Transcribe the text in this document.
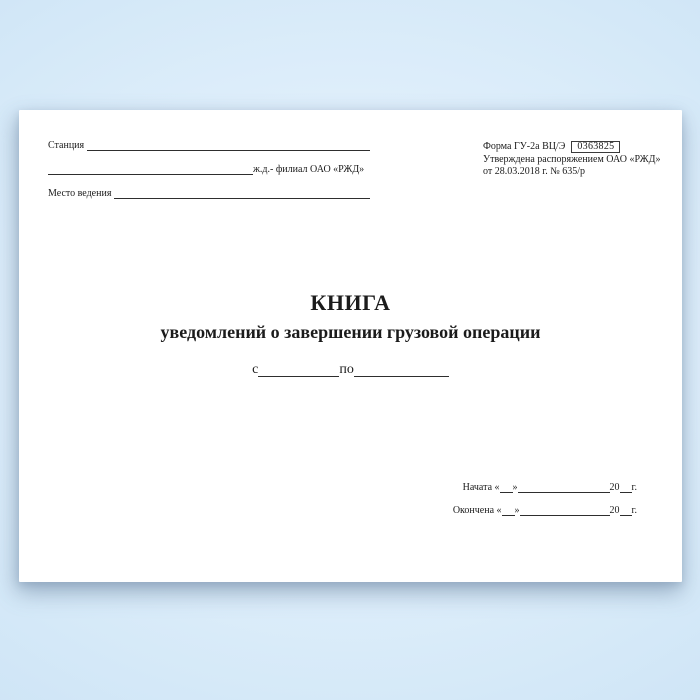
Станция
ж.д.- филиал ОАО «РЖД»
Место ведения
Форма ГУ-2а ВЦ/Э	0363825
Утверждена распоряжением ОАО «РЖД»
от 28.03.2018 г. № 635/р
КНИГА
уведомлений о завершении грузовой операции
с	по
Начата « »	20 г.
Окончена « »	20 г.
